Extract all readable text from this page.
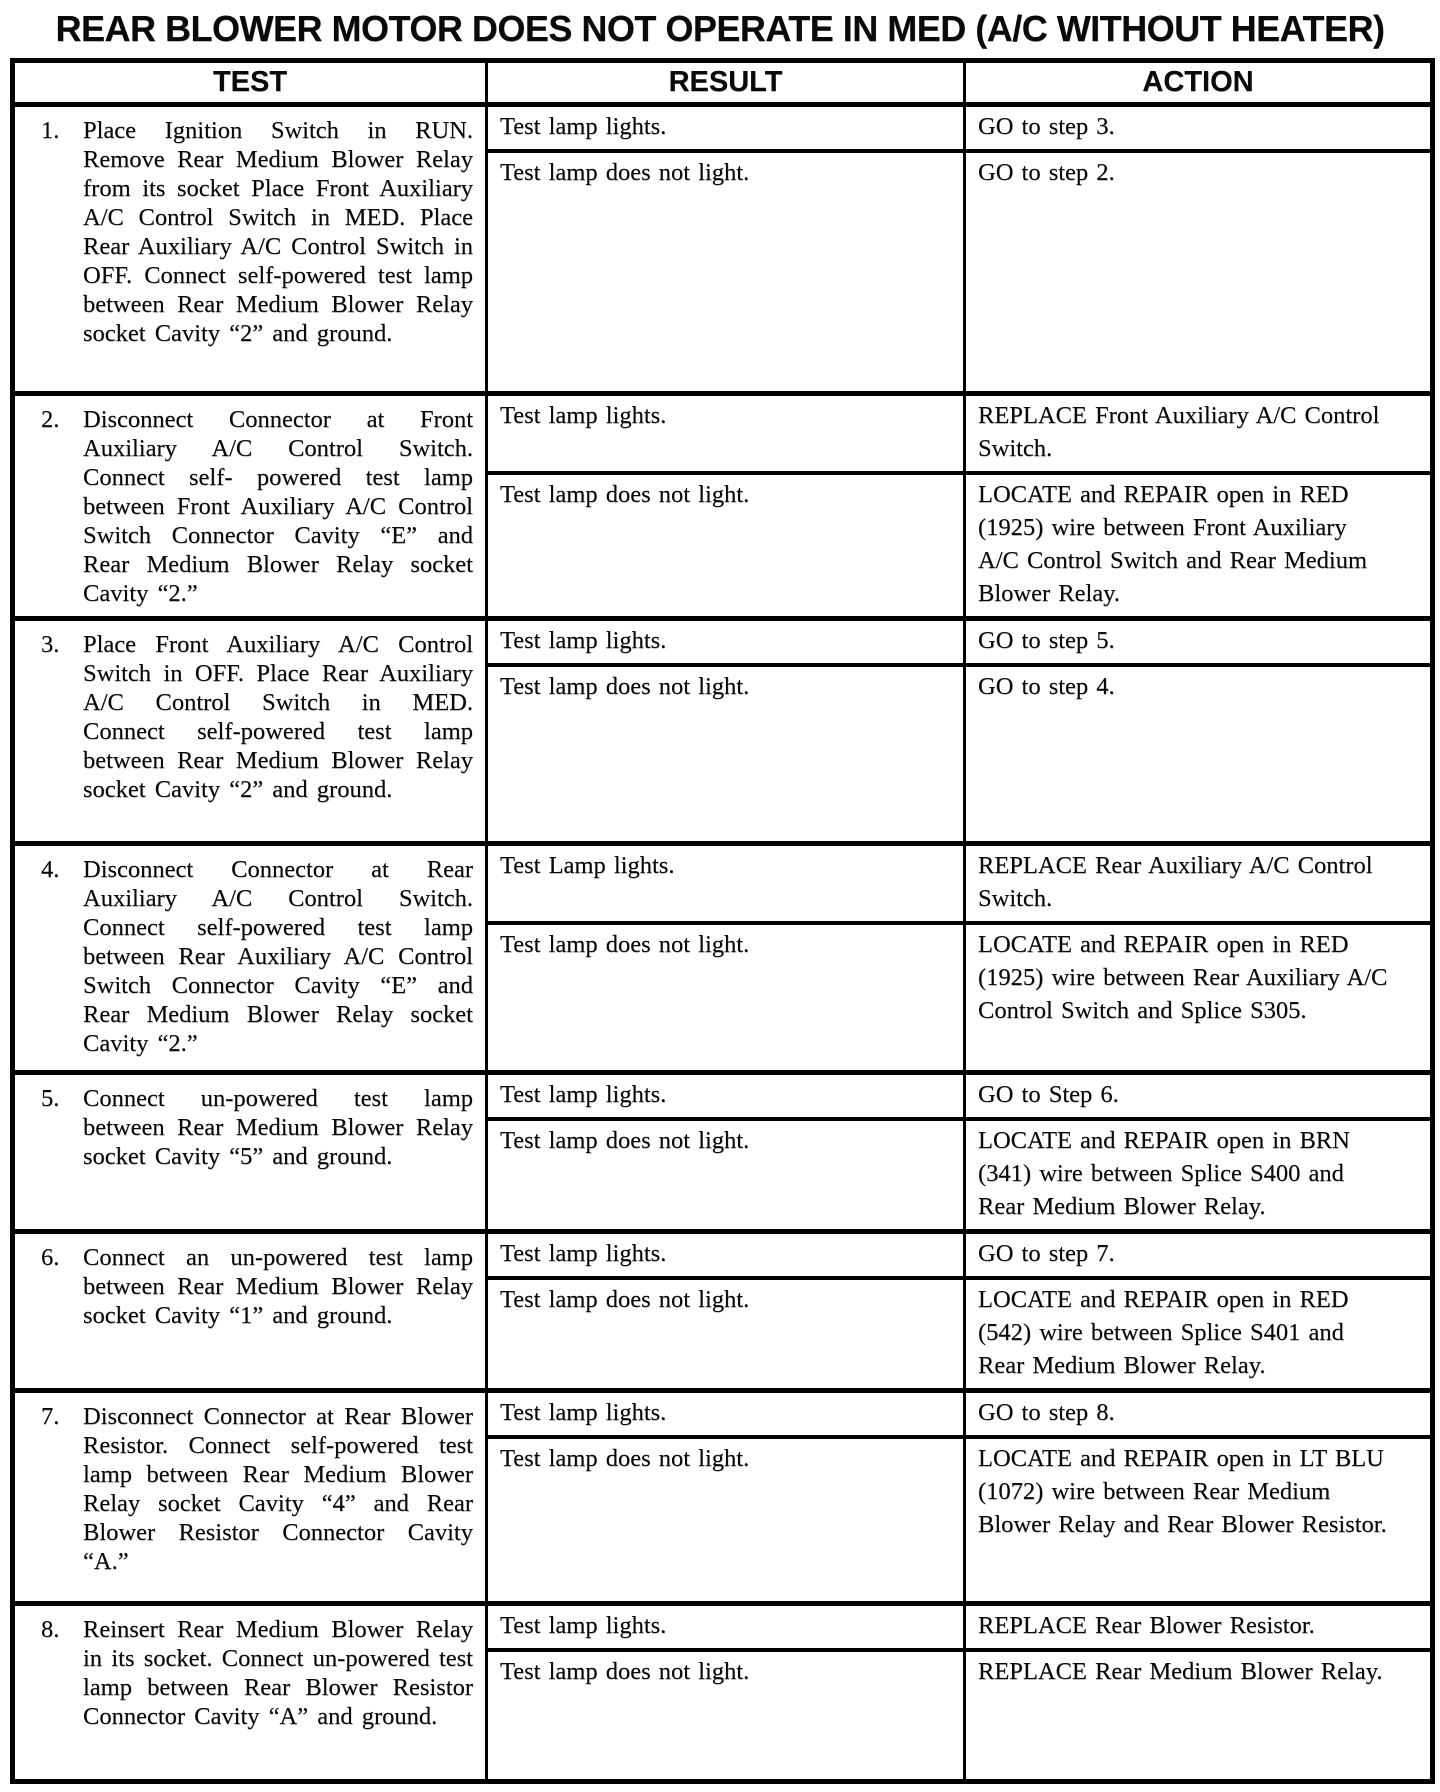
REAR BLOWER MOTOR DOES NOT OPERATE IN MED (A/C WITHOUT HEATER)
TEST	RESULT	ACTION

1. Place Ignition Switch in RUN. Remove Rear Medium Blower Relay from its socket Place Front Auxiliary A/C Control Switch in MED. Place Rear Auxiliary A/C Control Switch in OFF. Connect self-powered test lamp between Rear Medium Blower Relay socket Cavity “2” and ground.	Test lamp lights.	GO to step 3.
	Test lamp does not light.	GO to step 2.

2. Disconnect Connector at Front Auxiliary A/C Control Switch. Connect self- powered test lamp between Front Auxiliary A/C Control Switch Connector Cavity “E” and Rear Medium Blower Relay socket Cavity “2.”	Test lamp lights.	REPLACE Front Auxiliary A/C Control Switch.
	Test lamp does not light.	LOCATE and REPAIR open in RED (1925) wire between Front Auxiliary A/C Control Switch and Rear Medium Blower Relay.

3. Place Front Auxiliary A/C Control Switch in OFF. Place Rear Auxiliary A/C Control Switch in MED. Connect self-powered test lamp between Rear Medium Blower Relay socket Cavity “2” and ground.	Test lamp lights.	GO to step 5.
	Test lamp does not light.	GO to step 4.

4. Disconnect Connector at Rear Auxiliary A/C Control Switch. Connect self-powered test lamp between Rear Auxiliary A/C Control Switch Connector Cavity “E” and Rear Medium Blower Relay socket Cavity “2.”	Test Lamp lights.	REPLACE Rear Auxiliary A/C Control Switch.
	Test lamp does not light.	LOCATE and REPAIR open in RED (1925) wire between Rear Auxiliary A/C Control Switch and Splice S305.

5. Connect un-powered test lamp between Rear Medium Blower Relay socket Cavity “5” and ground.	Test lamp lights.	GO to Step 6.
	Test lamp does not light.	LOCATE and REPAIR open in BRN (341) wire between Splice S400 and Rear Medium Blower Relay.

6. Connect an un-powered test lamp between Rear Medium Blower Relay socket Cavity “1” and ground.	Test lamp lights.	GO to step 7.
	Test lamp does not light.	LOCATE and REPAIR open in RED (542) wire between Splice S401 and Rear Medium Blower Relay.

7. Disconnect Connector at Rear Blower Resistor. Connect self-powered test lamp between Rear Medium Blower Relay socket Cavity “4” and Rear Blower Resistor Connector Cavity “A.”	Test lamp lights.	GO to step 8.
	Test lamp does not light.	LOCATE and REPAIR open in LT BLU (1072) wire between Rear Medium Blower Relay and Rear Blower Resistor.

8. Reinsert Rear Medium Blower Relay in its socket. Connect un-powered test lamp between Rear Blower Resistor Connector Cavity “A” and ground.	Test lamp lights.	REPLACE Rear Blower Resistor.
	Test lamp does not light.	REPLACE Rear Medium Blower Relay.
